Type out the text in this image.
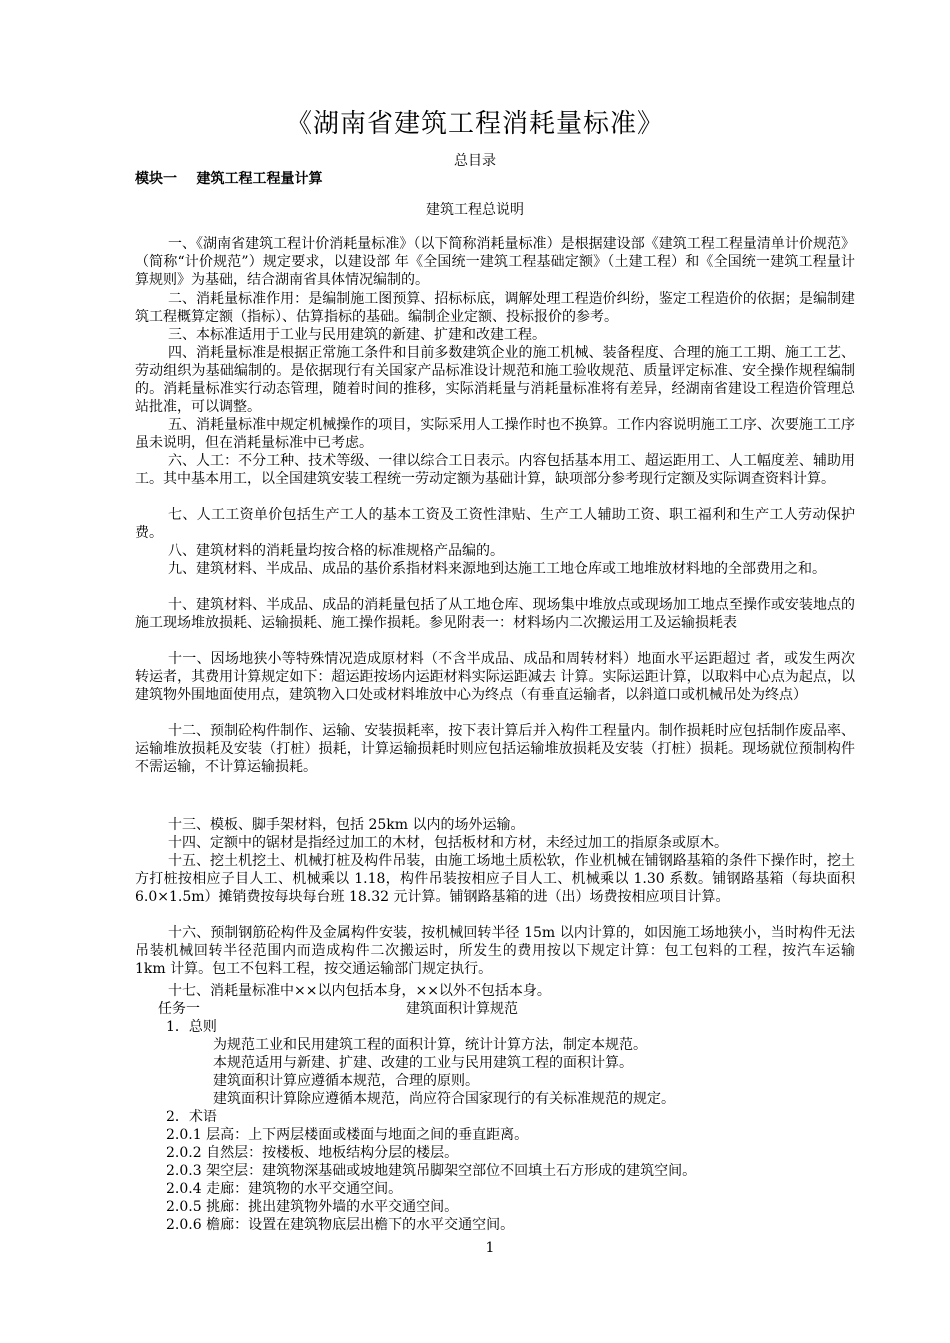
《湖南省建筑工程消耗量标准》
总目录
模块一    建筑工程工程量计算
建筑工程总说明

一、《湖南省建筑工程计价消耗量标准》（以下简称消耗量标准）是根据建设部《建筑工程工程量清单计价规范》（简称“计价规范”）规定要求，以建设部 年《全国统一建筑工程基础定额》（土建工程）和《全国统一建筑工程量计算规则》为基础，结合湖南省具体情况编制的。

二、消耗量标准作用：是编制施工图预算、招标标底，调解处理工程造价纠纷，鉴定工程造价的依据；是编制建筑工程概算定额（指标）、估算指标的基础。编制企业定额、投标报价的参考。

三、本标准适用于工业与民用建筑的新建、扩建和改建工程。

四、消耗量标准是根据正常施工条件和目前多数建筑企业的施工机械、装备程度、合理的施工工期、施工工艺、劳动组织为基础编制的。是依据现行有关国家产品标准设计规范和施工验收规范、质量评定标准、安全操作规程编制的。消耗量标准实行动态管理，随着时间的推移，实际消耗量与消耗量标准将有差异，经湖南省建设工程造价管理总站批准，可以调整。

五、消耗量标准中规定机械操作的项目，实际采用人工操作时也不换算。工作内容说明施工工序、次要施工工序虽未说明，但在消耗量标准中已考虑。

六、人工：不分工种、技术等级、一律以综合工日表示。内容包括基本用工、超运距用工、人工幅度差、辅助用工。其中基本用工，以全国建筑安装工程统一劳动定额为基础计算，缺项部分参考现行定额及实际调查资料计算。

七、人工工资单价包括生产工人的基本工资及工资性津贴、生产工人辅助工资、职工福利和生产工人劳动保护费。

八、建筑材料的消耗量均按合格的标准规格产品编的。

九、建筑材料、半成品、成品的基价系指材料来源地到达施工工地仓库或工地堆放材料地的全部费用之和。

十、建筑材料、半成品、成品的消耗量包括了从工地仓库、现场集中堆放点或现场加工地点至操作或安装地点的施工现场堆放损耗、运输损耗、施工操作损耗。参见附表一：材料场内二次搬运用工及运输损耗表

十一、因场地狭小等特殊情况造成原材料（不含半成品、成品和周转材料）地面水平运距超过 者，或发生两次转运者，其费用计算规定如下：超运距按场内运距材料实际运距减去 计算。实际运距计算，以取料中心点为起点，以建筑物外围地面使用点，建筑物入口处或材料堆放中心为终点（有垂直运输者，以斜道口或机械吊处为终点）

十二、预制砼构件制作、运输、安装损耗率，按下表计算后并入构件工程量内。制作损耗时应包括制作废品率、运输堆放损耗及安装（打桩）损耗，计算运输损耗时则应包括运输堆放损耗及安装（打桩）损耗。现场就位预制构件不需运输，不计算运输损耗。

十三、模板、脚手架材料，包括 25km 以内的场外运输。

十四、定额中的锯材是指经过加工的木材，包括板材和方材，未经过加工的指原条或原木。

十五、挖土机挖土、机械打桩及构件吊装，由施工场地土质松软，作业机械在铺钢路基箱的条件下操作时，挖土方打桩按相应子目人工、机械乘以 1.18，构件吊装按相应子目人工、机械乘以 1.30 系数。铺钢路基箱（每块面积 6.0×1.5m）摊销费按每块每台班 18.32 元计算。铺钢路基箱的进（出）场费按相应项目计算。

十六、预制钢筋砼构件及金属构件安装，按机械回转半径 15m 以内计算的，如因施工场地狭小，当时构件无法吊装机械回转半径范围内而造成构件二次搬运时，所发生的费用按以下规定计算：包工包料的工程，按汽车运输 1km 计算。包工不包料工程，按交通运输部门规定执行。

十七、消耗量标准中××以内包括本身，××以外不包括本身。

任务一	建筑面积计算规范
1．总则
为规范工业和民用建筑工程的面积计算，统计计算方法，制定本规范。
本规范适用与新建、扩建、改建的工业与民用建筑工程的面积计算。
建筑面积计算应遵循本规范，合理的原则。
建筑面积计算除应遵循本规范，尚应符合国家现行的有关标准规范的规定。
2．术语
2.0.1 层高：上下两层楼面或楼面与地面之间的垂直距离。
2.0.2 自然层：按楼板、地板结构分层的楼层。
2.0.3 架空层：建筑物深基础或坡地建筑吊脚架空部位不回填土石方形成的建筑空间。
2.0.4 走廊：建筑物的水平交通空间。
2.0.5 挑廊：挑出建筑物外墙的水平交通空间。
2.0.6 檐廊：设置在建筑物底层出檐下的水平交通空间。
1
